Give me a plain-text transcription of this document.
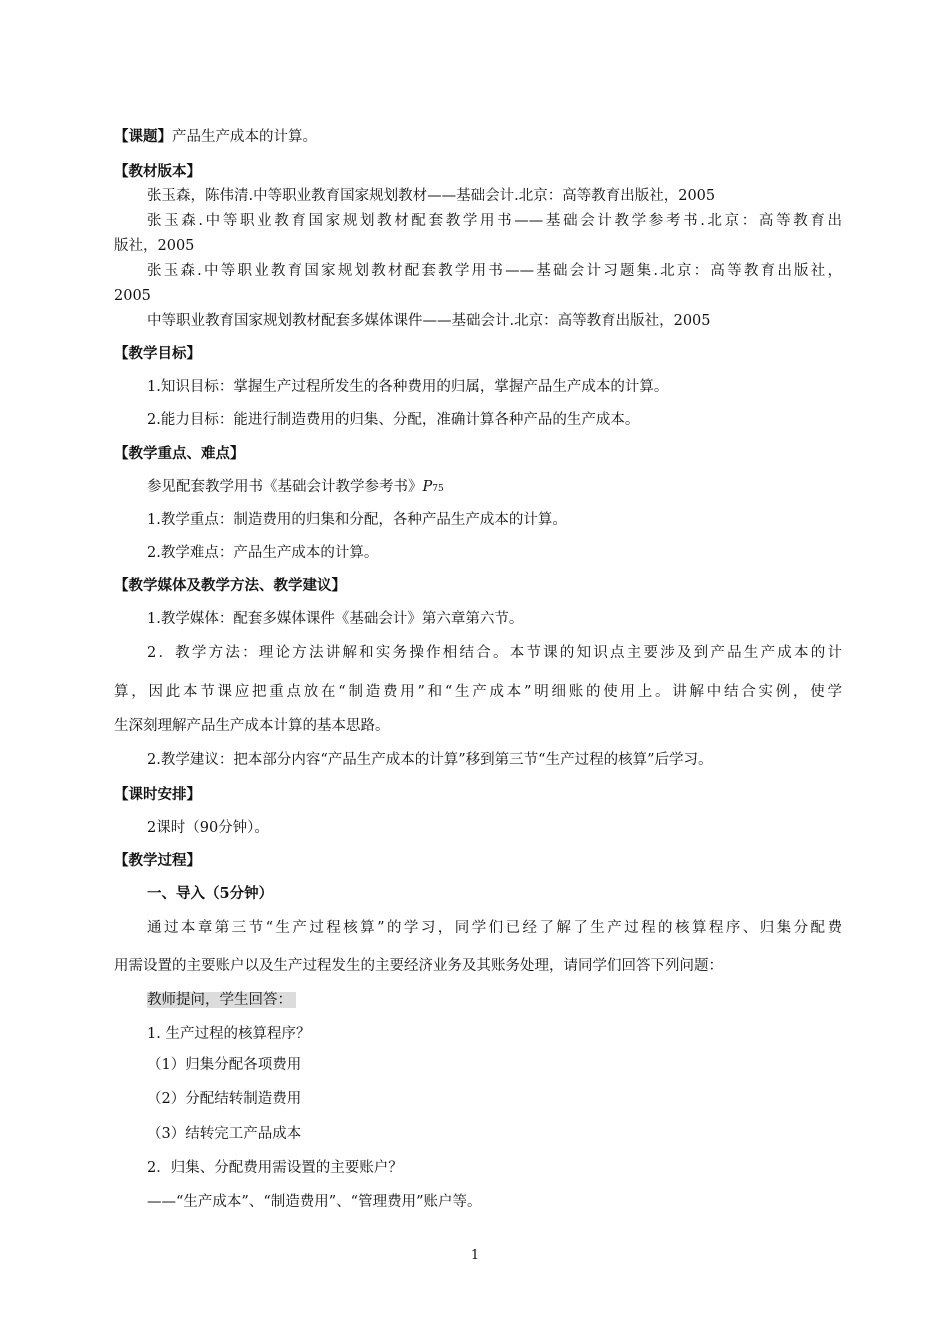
【课题】产品生产成本的计算。
【教材版本】
张玉森，陈伟清.中等职业教育国家规划教材——基础会计.北京：高等教育出版社，2005
张玉森.中等职业教育国家规划教材配套教学用书——基础会计教学参考书.北京：高等教育出
版社，2005
张玉森.中等职业教育国家规划教材配套教学用书——基础会计习题集.北京：高等教育出版社，
2005
中等职业教育国家规划教材配套多媒体课件——基础会计.北京：高等教育出版社，2005
【教学目标】
1.知识目标：掌握生产过程所发生的各种费用的归属，掌握产品生产成本的计算。
2.能力目标：能进行制造费用的归集、分配，准确计算各种产品的生产成本。
【教学重点、难点】
参见配套教学用书《基础会计教学参考书》P75
1.教学重点：制造费用的归集和分配，各种产品生产成本的计算。
2.教学难点：产品生产成本的计算。
【教学媒体及教学方法、教学建议】
1.教学媒体：配套多媒体课件《基础会计》第六章第六节。
2．教学方法：理论方法讲解和实务操作相结合。本节课的知识点主要涉及到产品生产成本的计
算，因此本节课应把重点放在“制造费用”和“生产成本”明细账的使用上。讲解中结合实例，使学
生深刻理解产品生产成本计算的基本思路。
2.教学建议：把本部分内容“产品生产成本的计算”移到第三节“生产过程的核算”后学习。
【课时安排】
2课时（90分钟）。
【教学过程】
一、导入（5分钟）
通过本章第三节“生产过程核算”的学习，同学们已经了解了生产过程的核算程序、归集分配费
用需设置的主要账户以及生产过程发生的主要经济业务及其账务处理，请同学们回答下列问题：
教师提问，学生回答：
1. 生产过程的核算程序？
（1）归集分配各项费用
（2）分配结转制造费用
（3）结转完工产品成本
2．归集、分配费用需设置的主要账户？
——“生产成本”、“制造费用”、“管理费用”账户等。
1
